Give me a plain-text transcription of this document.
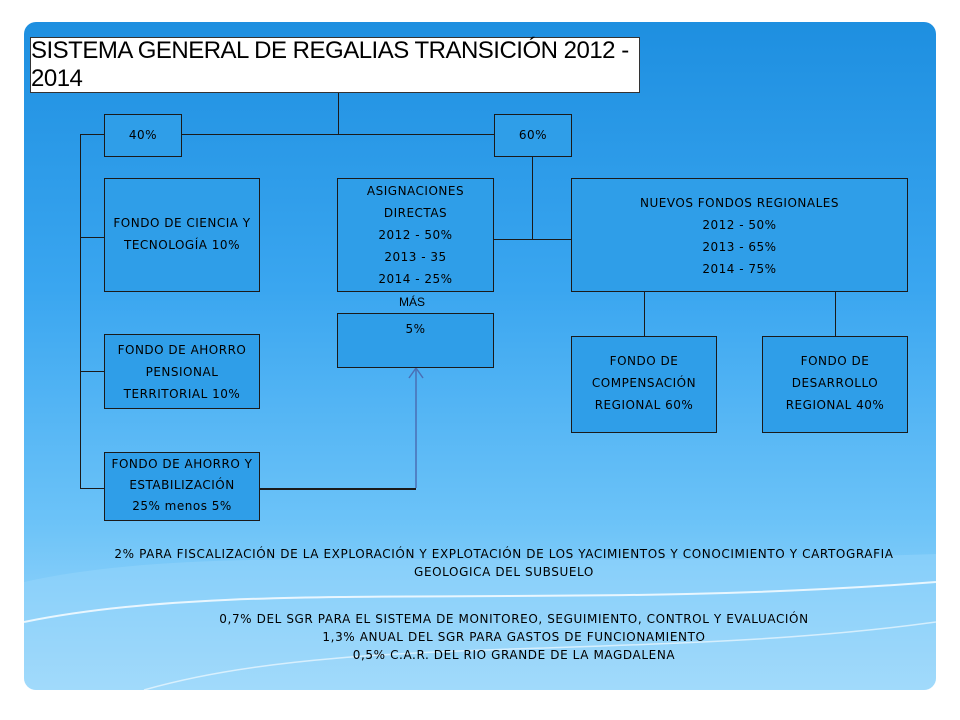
SISTEMA GENERAL DE REGALIAS TRANSICIÓN 2012 - 2014
40%	60%
FONDO DE CIENCIA Y
TECNOLOGÍA 10%
FONDO DE AHORRO
PENSIONAL
TERRITORIAL 10%
FONDO DE AHORRO Y
ESTABILIZACIÓN
25% menos 5%
ASIGNACIONES
DIRECTAS
2012 - 50%
2013 - 35
2014 - 25%
MÁS
5%
NUEVOS FONDOS REGIONALES
2012 - 50%
2013 - 65%
2014 - 75%
FONDO DE
COMPENSACIÓN
REGIONAL 60%
FONDO DE
DESARROLLO
REGIONAL 40%
2% PARA FISCALIZACIÓN DE LA EXPLORACIÓN Y EXPLOTACIÓN DE LOS YACIMIENTOS Y CONOCIMIENTO Y CARTOGRAFIA
GEOLOGICA DEL SUBSUELO
0,7% DEL SGR PARA EL SISTEMA DE MONITOREO, SEGUIMIENTO, CONTROL Y EVALUACIÓN
1,3% ANUAL DEL SGR PARA GASTOS DE FUNCIONAMIENTO
0,5% C.A.R. DEL RIO GRANDE DE LA MAGDALENA
